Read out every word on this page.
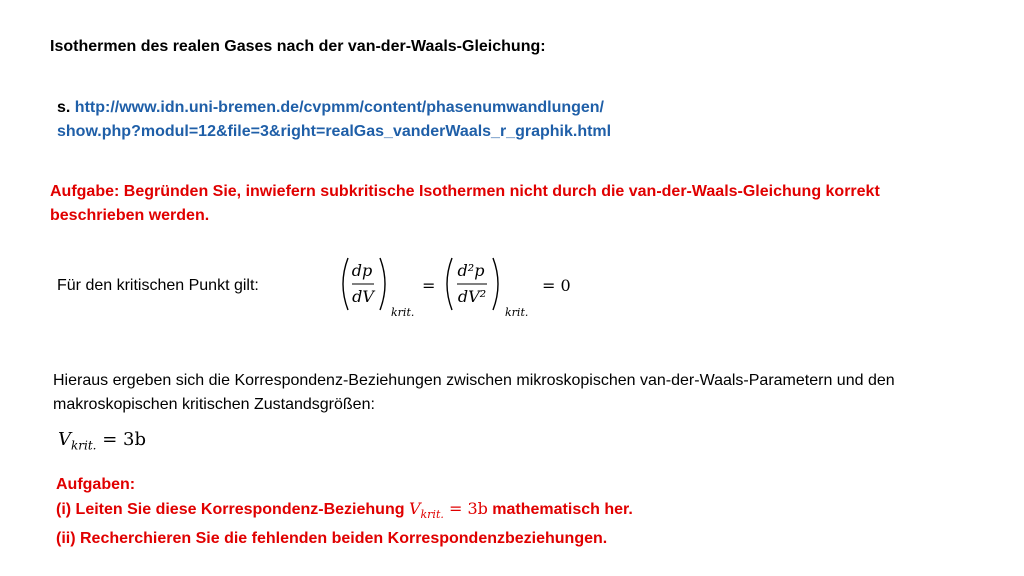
Isothermen des realen Gases nach der van-der-Waals-Gleichung:
s. http://www.idn.uni-bremen.de/cvpmm/content/phasenumwandlungen/
show.php?modul=12&file=3&right=realGas_vanderWaals_r_graphik.html
Aufgabe: Begründen Sie, inwiefern subkritische Isothermen nicht durch die van-der-Waals-Gleichung korrekt beschrieben werden.
Für den kritischen Punkt gilt:
dp
dV
krit.
=
d²p
dV²
krit.
= 0
Hieraus ergeben sich die Korrespondenz-Beziehungen zwischen mikroskopischen van-der-Waals-Parametern und den makroskopischen kritischen Zustandsgrößen:
$V_{krit.} = 3b$
Aufgaben:
(i) Leiten Sie diese Korrespondenz-Beziehung $V_{krit.} = 3b$ mathematisch her.
(ii) Recherchieren Sie die fehlenden beiden Korrespondenzbeziehungen.
